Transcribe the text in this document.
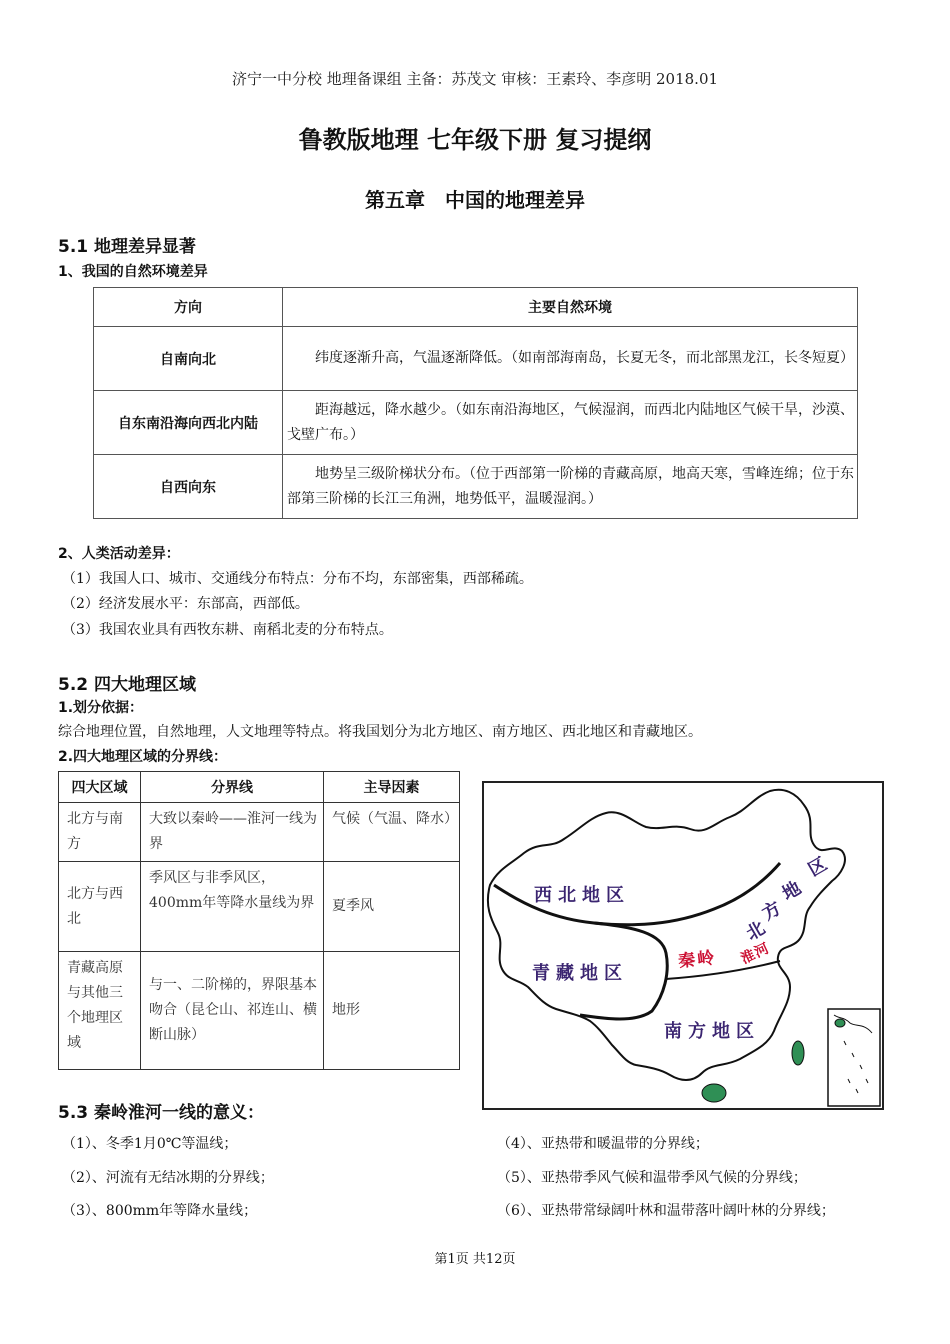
济宁一中分校 地理备课组 主备：苏茂文 审核：王素玲、李彦明 2018.01
鲁教版地理 七年级下册 复习提纲
第五章　中国的地理差异
5.1 地理差异显著
1、我国的自然环境差异
方向	主要自然环境
自南向北	纬度逐渐升高，气温逐渐降低。（如南部海南岛，长夏无冬，而北部黑龙江，长冬短夏）
自东南沿海向西北内陆	距海越远，降水越少。（如东南沿海地区，气候湿润，而西北内陆地区气候干旱，沙漠、戈壁广布。）
自西向东	地势呈三级阶梯状分布。（位于西部第一阶梯的青藏高原，地高天寒，雪峰连绵；位于东部第三阶梯的长江三角洲，地势低平，温暖湿润。）
2、人类活动差异：
（1）我国人口、城市、交通线分布特点：分布不均，东部密集，西部稀疏。
（2）经济发展水平：东部高，西部低。
（3）我国农业具有西牧东耕、南稻北麦的分布特点。
5.2 四大地理区域
1.划分依据：
综合地理位置，自然地理，人文地理等特点。将我国划分为北方地区、南方地区、西北地区和青藏地区。
2.四大地理区域的分界线：
四大区域	分界线	主导因素
北方与南方	大致以秦岭——淮河一线为界	气候（气温、降水）
北方与西北	季风区与非季风区，400mm年等降水量线为界	夏季风
青藏高原与其他三个地理区域	与一、二阶梯的，界限基本吻合（昆仑山、祁连山、横断山脉）	地形
西北地区
青藏地区
南方地区
秦岭 淮河
北
方
地
区
5.3 秦岭淮河一线的意义：
（1）、冬季1月0℃等温线；
（2）、河流有无结冰期的分界线；
（3）、800mm年等降水量线；
（4）、亚热带和暖温带的分界线；
（5）、亚热带季风气候和温带季风气候的分界线；
（6）、亚热带常绿阔叶林和温带落叶阔叶林的分界线；
第1页 共12页
